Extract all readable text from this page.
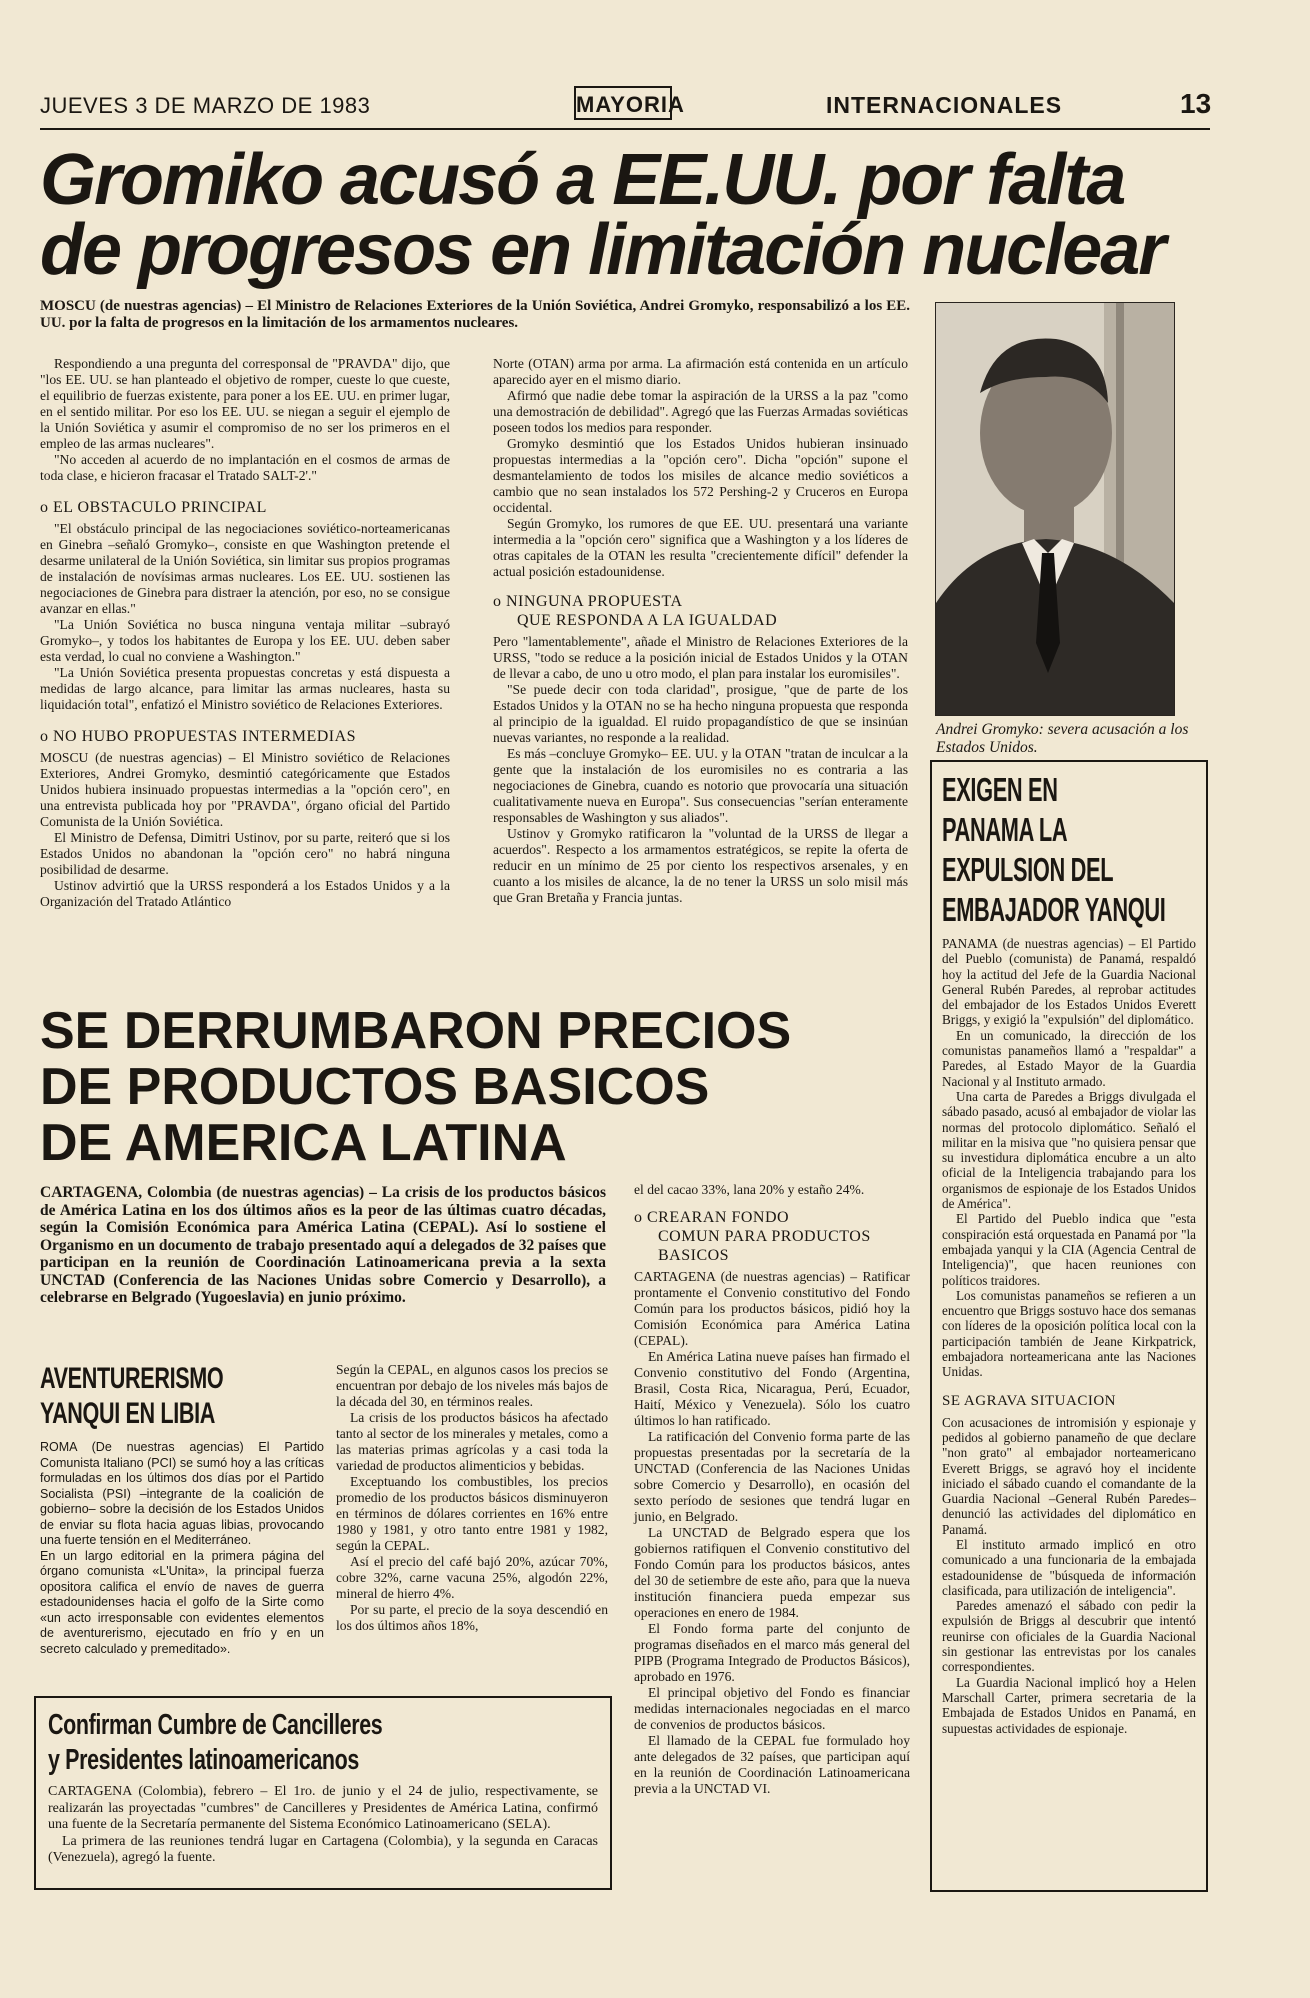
JUEVES 3 DE MARZO DE 1983	MAYORIA	INTERNACIONALES	13
Gromiko acusó a EE.UU. por falta
de progresos en limitación nuclear
MOSCU (de nuestras agencias) – El Ministro de Relaciones Exteriores de la Unión Soviética, Andrei Gromyko, responsabilizó a los EE. UU. por la falta de progresos en la limitación de los armamentos nucleares.

Respondiendo a una pregunta del corresponsal de "PRAVDA" dijo, que "los EE. UU. se han planteado el objetivo de romper, cueste lo que cueste, el equilibrio de fuerzas existente, para poner a los EE. UU. en primer lugar, en el sentido militar. Por eso los EE. UU. se niegan a seguir el ejemplo de la Unión Soviética y asumir el compromiso de no ser los primeros en el empleo de las armas nucleares".

"No acceden al acuerdo de no implantación en el cosmos de armas de toda clase, e hicieron fracasar el Tratado SALT-2'."

o EL OBSTACULO PRINCIPAL

"El obstáculo principal de las negociaciones soviético-norteamericanas en Ginebra –señaló Gromyko–, consiste en que Washington pretende el desarme unilateral de la Unión Soviética, sin limitar sus propios programas de instalación de novísimas armas nucleares. Los EE. UU. sostienen las negociaciones de Ginebra para distraer la atención, por eso, no se consigue avanzar en ellas."

"La Unión Soviética no busca ninguna ventaja militar –subrayó Gromyko–, y todos los habitantes de Europa y los EE. UU. deben saber esta verdad, lo cual no conviene a Washington."

"La Unión Soviética presenta propuestas concretas y está dispuesta a medidas de largo alcance, para limitar las armas nucleares, hasta su liquidación total", enfatizó el Ministro soviético de Relaciones Exteriores.

o NO HUBO PROPUESTAS INTERMEDIAS

MOSCU (de nuestras agencias) – El Ministro soviético de Relaciones Exteriores, Andrei Gromyko, desmintió categóricamente que Estados Unidos hubiera insinuado propuestas intermedias a la "opción cero", en una entrevista publicada hoy por "PRAVDA", órgano oficial del Partido Comunista de la Unión Soviética.

El Ministro de Defensa, Dimitri Ustinov, por su parte, reiteró que si los Estados Unidos no abandonan la "opción cero" no habrá ninguna posibilidad de desarme.

Ustinov advirtió que la URSS responderá a los Estados Unidos y a la Organización del Tratado Atlántico

Norte (OTAN) arma por arma. La afirmación está contenida en un artículo aparecido ayer en el mismo diario.

Afirmó que nadie debe tomar la aspiración de la URSS a la paz "como una demostración de debilidad". Agregó que las Fuerzas Armadas soviéticas poseen todos los medios para responder.

Gromyko desmintió que los Estados Unidos hubieran insinuado propuestas intermedias a la "opción cero". Dicha "opción" supone el desmantelamiento de todos los misiles de alcance medio soviéticos a cambio que no sean instalados los 572 Pershing-2 y Cruceros en Europa occidental.

Según Gromyko, los rumores de que EE. UU. presentará una variante intermedia a la "opción cero" significa que a Washington y a los líderes de otras capitales de la OTAN les resulta "crecientemente difícil" defender la actual posición estadounidense.

o NINGUNA PROPUESTA
QUE RESPONDA A LA IGUALDAD

Pero "lamentablemente", añade el Ministro de Relaciones Exteriores de la URSS, "todo se reduce a la posición inicial de Estados Unidos y la OTAN de llevar a cabo, de uno u otro modo, el plan para instalar los euromisiles".

"Se puede decir con toda claridad", prosigue, "que de parte de los Estados Unidos y la OTAN no se ha hecho ninguna propuesta que responda al principio de la igualdad. El ruido propagandístico de que se insinúan nuevas variantes, no responde a la realidad.

Es más –concluye Gromyko– EE. UU. y la OTAN "tratan de inculcar a la gente que la instalación de los euromisiles no es contraria a las negociaciones de Ginebra, cuando es notorio que provocaría una situación cualitativamente nueva en Europa". Sus consecuencias "serían enteramente responsables de Washington y sus aliados".

Ustinov y Gromyko ratificaron la "voluntad de la URSS de llegar a acuerdos". Respecto a los armamentos estratégicos, se repite la oferta de reducir en un mínimo de 25 por ciento los respectivos arsenales, y en cuanto a los misiles de alcance, la de no tener la URSS un solo misil más que Gran Bretaña y Francia juntas.

Andrei Gromyko: severa acusación a los Estados Unidos.
SE DERRUMBARON PRECIOS
DE PRODUCTOS BASICOS
DE AMERICA LATINA
CARTAGENA, Colombia (de nuestras agencias) – La crisis de los productos básicos de América Latina en los dos últimos años es la peor de las últimas cuatro décadas, según la Comisión Económica para América Latina (CEPAL). Así lo sostiene el Organismo en un documento de trabajo presentado aquí a delegados de 32 países que participan en la reunión de Coordinación Latinoamericana previa a la sexta UNCTAD (Conferencia de las Naciones Unidas sobre Comercio y Desarrollo), a celebrarse en Belgrado (Yugoeslavia) en junio próximo.
AVENTURERISMO
YANQUI EN LIBIA
ROMA (De nuestras agencias) El Partido Comunista Italiano (PCI) se sumó hoy a las críticas formuladas en los últimos dos días por el Partido Socialista (PSI) –integrante de la coalición de gobierno– sobre la decisión de los Estados Unidos de enviar su flota hacia aguas libias, provocando una fuerte tensión en el Mediterráneo.
En un largo editorial en la primera página del órgano comunista «L'Unita», la principal fuerza opositora califica el envío de naves de guerra estadounidenses hacia el golfo de la Sirte como «un acto irresponsable con evidentes elementos de aventurerismo, ejecutado en frío y en un secreto calculado y premeditado».

Según la CEPAL, en algunos casos los precios se encuentran por debajo de los niveles más bajos de la década del 30, en términos reales.

La crisis de los productos básicos ha afectado tanto al sector de los minerales y metales, como a las materias primas agrícolas y a casi toda la variedad de productos alimenticios y bebidas.

Exceptuando los combustibles, los precios promedio de los productos básicos disminuyeron en términos de dólares corrientes en 16% entre 1980 y 1981, y otro tanto entre 1981 y 1982, según la CEPAL.

Así el precio del café bajó 20%, azúcar 70%, cobre 32%, carne vacuna 25%, algodón 22%, mineral de hierro 4%.

Por su parte, el precio de la soya descendió en los dos últimos años 18%,

el del cacao 33%, lana 20% y estaño 24%.

o CREARAN FONDO
COMUN PARA PRODUCTOS
BASICOS

CARTAGENA (de nuestras agencias) – Ratificar prontamente el Convenio constitutivo del Fondo Común para los productos básicos, pidió hoy la Comisión Económica para América Latina (CEPAL).

En América Latina nueve países han firmado el Convenio constitutivo del Fondo (Argentina, Brasil, Costa Rica, Nicaragua, Perú, Ecuador, Haití, México y Venezuela). Sólo los cuatro últimos lo han ratificado.

La ratificación del Convenio forma parte de las propuestas presentadas por la secretaría de la UNCTAD (Conferencia de las Naciones Unidas sobre Comercio y Desarrollo), en ocasión del sexto período de sesiones que tendrá lugar en junio, en Belgrado.

La UNCTAD de Belgrado espera que los gobiernos ratifiquen el Convenio constitutivo del Fondo Común para los productos básicos, antes del 30 de setiembre de este año, para que la nueva institución financiera pueda empezar sus operaciones en enero de 1984.

El Fondo forma parte del conjunto de programas diseñados en el marco más general del PIPB (Programa Integrado de Productos Básicos), aprobado en 1976.

El principal objetivo del Fondo es financiar medidas internacionales negociadas en el marco de convenios de productos básicos.

El llamado de la CEPAL fue formulado hoy ante delegados de 32 países, que participan aquí en la reunión de Coordinación Latinoamericana previa a la UNCTAD VI.

Confirman Cumbre de Cancilleres
y Presidentes latinoamericanos

CARTAGENA (Colombia), febrero – El 1ro. de junio y el 24 de julio, respectivamente, se realizarán las proyectadas "cumbres" de Cancilleres y Presidentes de América Latina, confirmó una fuente de la Secretaría permanente del Sistema Económico Latinoamericano (SELA).

La primera de las reuniones tendrá lugar en Cartagena (Colombia), y la segunda en Caracas (Venezuela), agregó la fuente.

EXIGEN EN
PANAMA LA
EXPULSION DEL
EMBAJADOR YANQUI

PANAMA (de nuestras agencias) – El Partido del Pueblo (comunista) de Panamá, respaldó hoy la actitud del Jefe de la Guardia Nacional General Rubén Paredes, al reprobar actitudes del embajador de los Estados Unidos Everett Briggs, y exigió la "expulsión" del diplomático.

En un comunicado, la dirección de los comunistas panameños llamó a "respaldar" a Paredes, al Estado Mayor de la Guardia Nacional y al Instituto armado.

Una carta de Paredes a Briggs divulgada el sábado pasado, acusó al embajador de violar las normas del protocolo diplomático. Señaló el militar en la misiva que "no quisiera pensar que su investidura diplomática encubre a un alto oficial de la Inteligencia trabajando para los organismos de espionaje de los Estados Unidos de América".

El Partido del Pueblo indica que "esta conspiración está orquestada en Panamá por "la embajada yanqui y la CIA (Agencia Central de Inteligencia)", que hacen reuniones con políticos traidores.

Los comunistas panameños se refieren a un encuentro que Briggs sostuvo hace dos semanas con líderes de la oposición política local con la participación también de Jeane Kirkpatrick, embajadora norteamericana ante las Naciones Unidas.

SE AGRAVA SITUACION

Con acusaciones de intromisión y espionaje y pedidos al gobierno panameño de que declare "non grato" al embajador norteamericano Everett Briggs, se agravó hoy el incidente iniciado el sábado cuando el comandante de la Guardia Nacional –General Rubén Paredes– denunció las actividades del diplomático en Panamá.

El instituto armado implicó en otro comunicado a una funcionaria de la embajada estadounidense de "búsqueda de información clasificada, para utilización de inteligencia".

Paredes amenazó el sábado con pedir la expulsión de Briggs al descubrir que intentó reunirse con oficiales de la Guardia Nacional sin gestionar las entrevistas por los canales correspondientes.

La Guardia Nacional implicó hoy a Helen Marschall Carter, primera secretaria de la Embajada de Estados Unidos en Panamá, en supuestas actividades de espionaje.
